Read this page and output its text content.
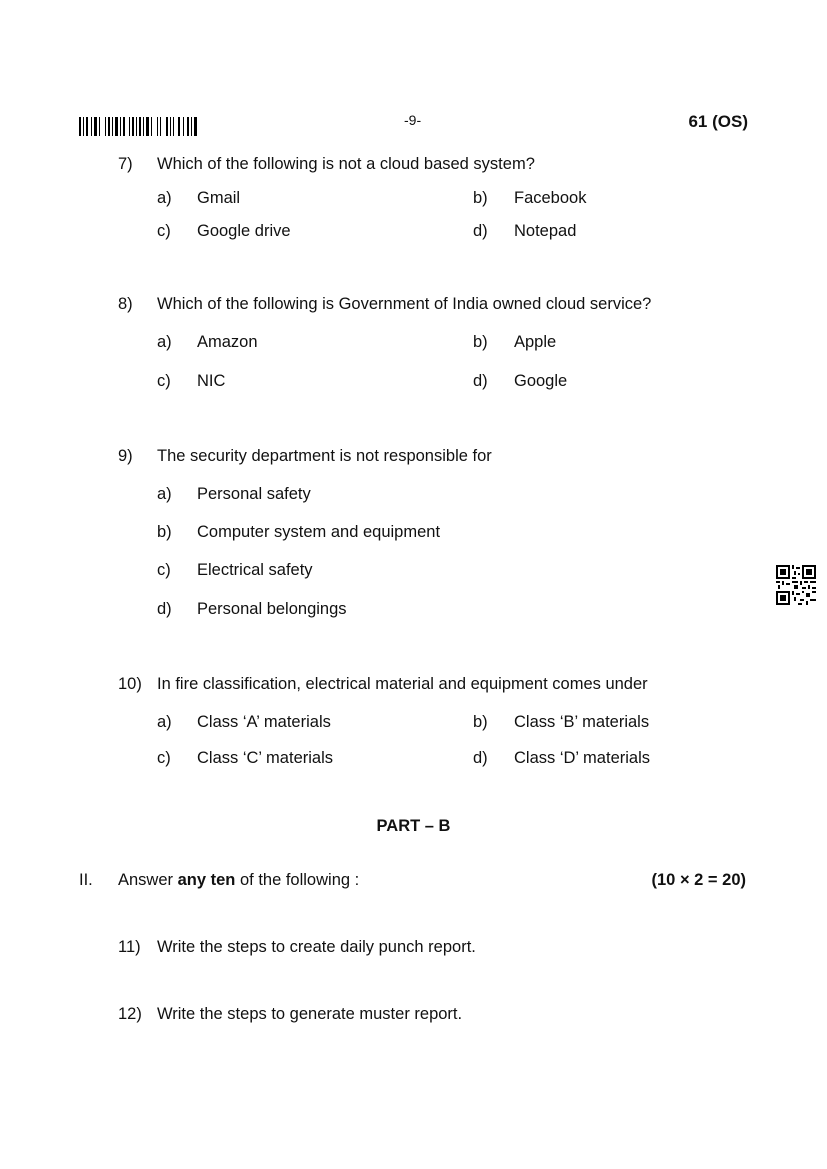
-9-	61 (OS)
7) Which of the following is not a cloud based system?
a) Gmail	b) Facebook
c) Google drive	d) Notepad
8) Which of the following is Government of India owned cloud service?
a) Amazon	b) Apple
c) NIC	d) Google
9) The security department is not responsible for
a) Personal safety
b) Computer system and equipment
c) Electrical safety
d) Personal belongings
10) In fire classification, electrical material and equipment comes under
a) Class ‘A’ materials	b) Class ‘B’ materials
c) Class ‘C’ materials	d) Class ‘D’ materials
PART – B
II. Answer any ten of the following :	(10 × 2 = 20)
11) Write the steps to create daily punch report.
12) Write the steps to generate muster report.
